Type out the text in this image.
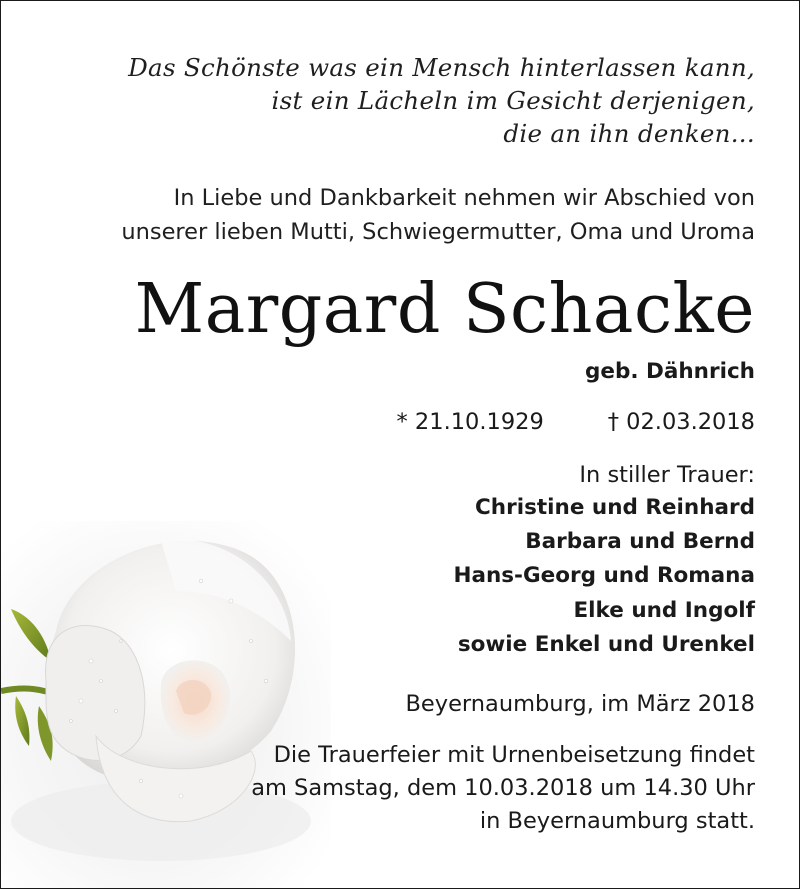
Das Schönste was ein Mensch hinterlassen kann,
ist ein Lächeln im Gesicht derjenigen,
die an ihn denken...
In Liebe und Dankbarkeit nehmen wir Abschied von
unserer lieben Mutti, Schwiegermutter, Oma und Uroma
Margard Schacke
geb. Dähnrich
* 21.10.1929	† 02.03.2018
In stiller Trauer:
Christine und Reinhard
Barbara und Bernd
Hans-Georg und Romana
Elke und Ingolf
sowie Enkel und Urenkel
Beyernaumburg, im März 2018
Die Trauerfeier mit Urnenbeisetzung findet
am Samstag, dem 10.03.2018 um 14.30 Uhr
in Beyernaumburg statt.
